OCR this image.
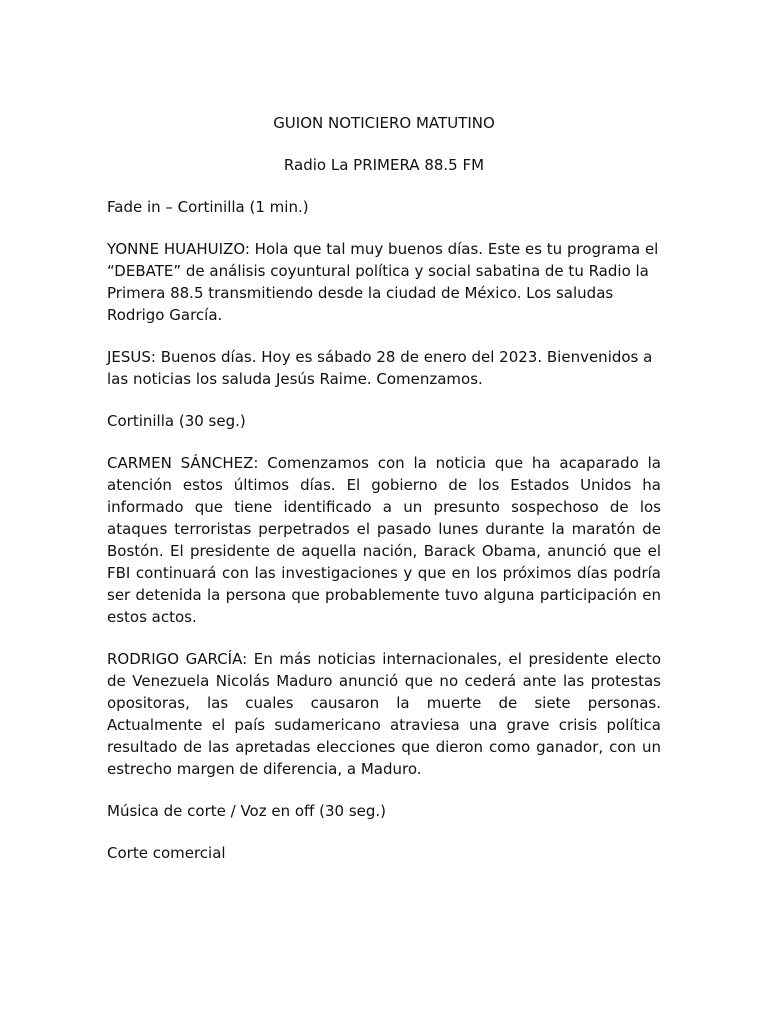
GUION NOTICIERO MATUTINO
Radio La PRIMERA 88.5 FM

Fade in – Cortinilla (1 min.)

YONNE HUAHUIZO: Hola que tal muy buenos días. Este es tu programa el “DEBATE” de análisis coyuntural política y social sabatina de tu Radio la Primera 88.5 transmitiendo desde la ciudad de México. Los saludas Rodrigo García.

JESUS: Buenos días. Hoy es sábado 28 de enero del 2023. Bienvenidos a las noticias los saluda Jesús Raime. Comenzamos.

Cortinilla (30 seg.)

CARMEN SÁNCHEZ: Comenzamos con la noticia que ha acaparado la atención estos últimos días. El gobierno de los Estados Unidos ha informado que tiene identificado a un presunto sospechoso de los ataques terroristas perpetrados el pasado lunes durante la maratón de Bostón. El presidente de aquella nación, Barack Obama, anunció que el FBI continuará con las investigaciones y que en los próximos días podría ser detenida la persona que probablemente tuvo alguna participación en estos actos.

RODRIGO GARCÍA: En más noticias internacionales, el presidente electo de Venezuela Nicolás Maduro anunció que no cederá ante las protestas opositoras, las cuales causaron la muerte de siete personas. Actualmente el país sudamericano atraviesa una grave crisis política resultado de las apretadas elecciones que dieron como ganador, con un estrecho margen de diferencia, a Maduro.

Música de corte / Voz en off (30 seg.)

Corte comercial
